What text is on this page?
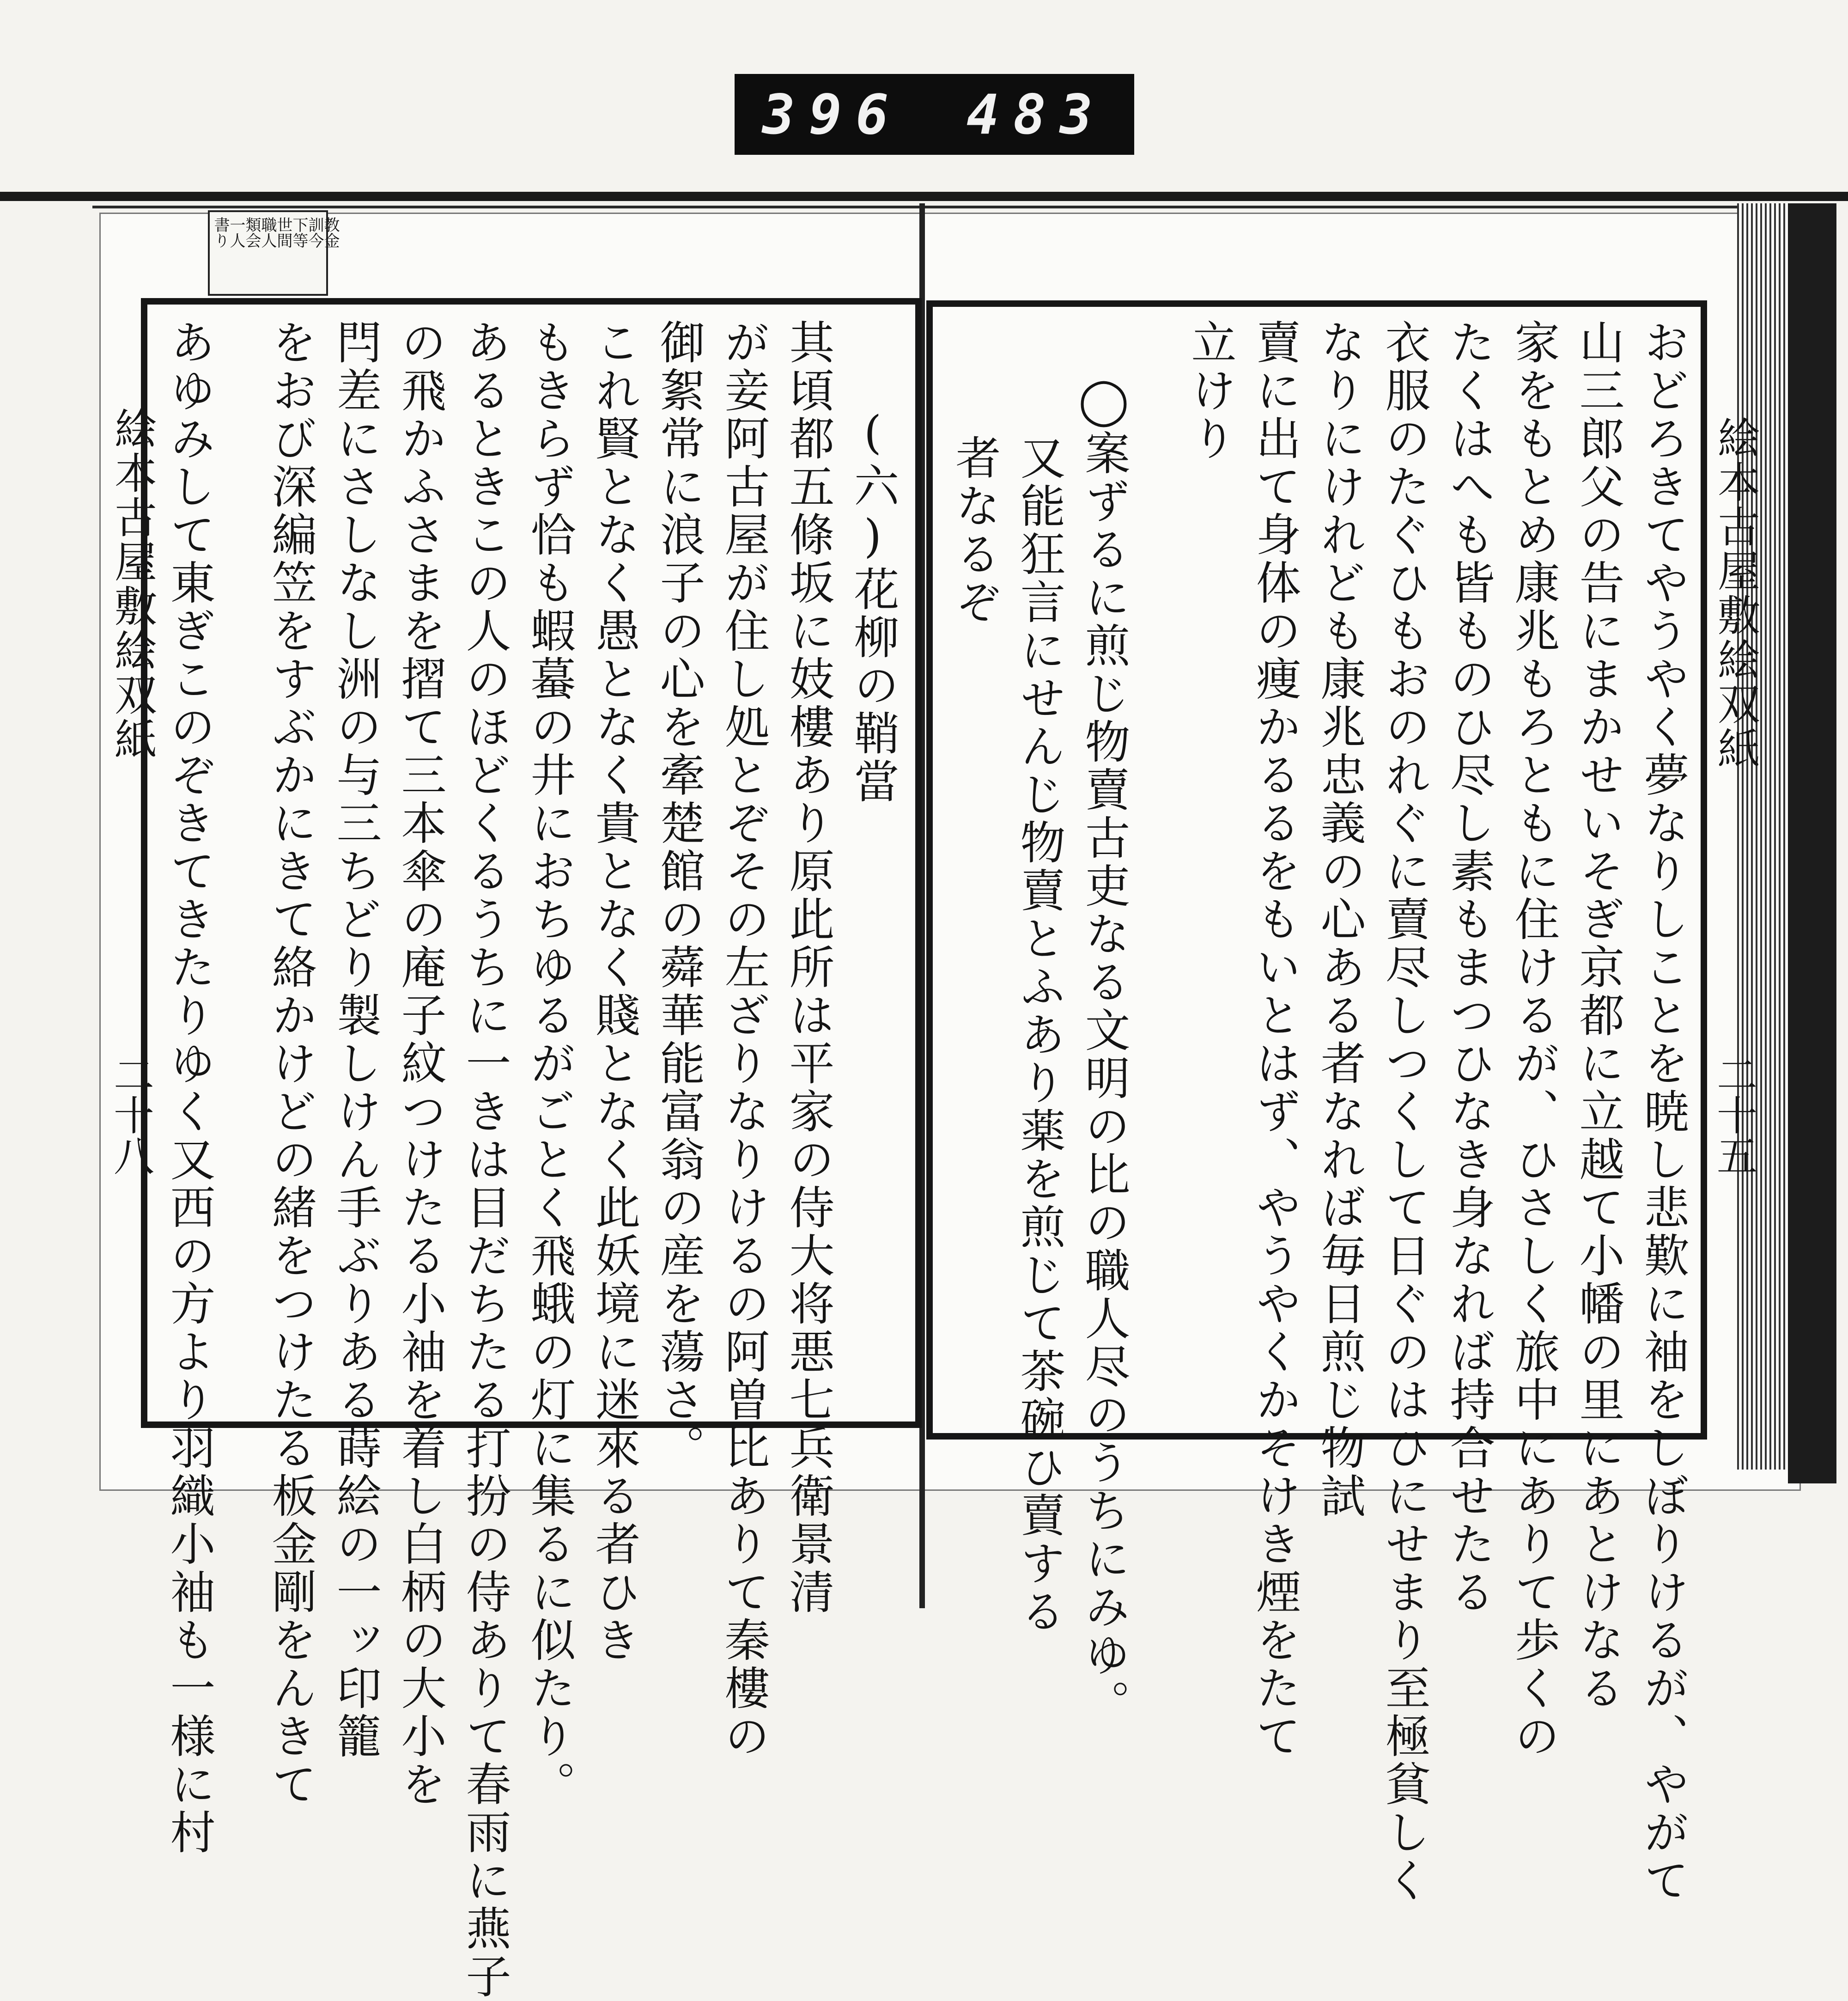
396 483
教金
訓今
下等
世間
職人
類会
一人
書り
絵本古屋敷絵双紙
二十八
絵本古屋敷絵双紙
二十五
(六)花柳の鞘當
其頃都五條坂に妓樓あり原此所は平家の侍大将悪七兵衛景清
が妾阿古屋が住し処とぞその左ざりなりけるの阿曽比ありて秦樓の
御絮常に浪子の心を牽楚館の蕣華能富翁の産を蕩さ。
これ賢となく愚となく貴となく賤となく此妖境に迷來る者ひき
もきらず恰も蝦蟇の井におちゆるがごとく飛蛾の灯に集るに似たり。
あるときこの人のほどくるうちに一きは目だちたる打扮の侍ありて春雨に燕子
の飛かふさまを摺て三本傘の庵子紋つけたる小袖を着し白柄の大小を
閂差にさしなし洲の与三ちどり製しけん手ぶりある蒔絵の一ッ印籠
をおび深編笠をすぶかにきて絡かけどの緒をつけたる板金剛をんきて
あゆみして東ぎこのぞきてきたりゆく又西の方より羽織小袖も一様に村	おどろきてやうやく夢なりしことを暁し悲歎に袖をしぼりけるが、やがて
山三郎父の告にまかせいそぎ京都に立越て小幡の里にあとけなる
家をもとめ康兆もろともに住けるが、ひさしく旅中にありて歩くの
たくはへも皆ものひ尽し素もまつひなき身なれば持合せたる
衣服のたぐひもおのれぐに賣尽しつくして日ぐのはひにせまり至極貧しく
なりにけれども康兆忠義の心ある者なれば毎日煎じ物試
賣に出て身体の痩かるるをもいとはず、やうやくかそけき煙をたて
立けり
◯案ずるに煎じ物賣古吏なる文明の比の職人尽のうちにみゆ。
又能狂言にせんじ物賣とふあり薬を煎じて茶碗ひ賣する
者なるぞ
